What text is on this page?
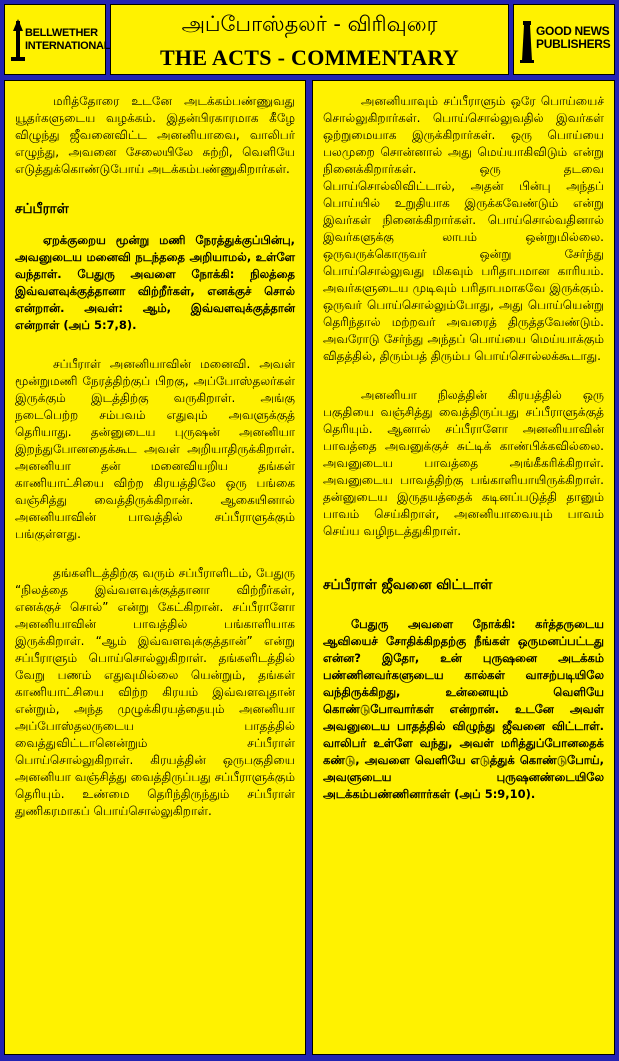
BELLWETHER
INTERNATIONAL
அப்போஸ்தலர் - விரிவுரை
THE ACTS - COMMENTARY
GOOD NEWS
PUBLISHERS

மரித்தோரை உடனே அடக்கம்பண்ணுவது யூதர்களுடைய வழக்கம். இதன்பிரகாரமாக கீழே விழுந்து ஜீவனைவிட்ட அனனியாவை, வாலிபர் எழுந்து, அவனை சேலையிலே சுற்றி, வெளியே எடுத்துக்கொண்டுபோய் அடக்கம்பண்ணுகிறார்கள்.

சப்பீராள்

ஏறக்குறைய மூன்று மணி நேரத்துக்குப்பின்பு, அவனுடைய மனைவி நடந்ததை அறியாமல், உள்ளே வந்தாள். பேதுரு அவளை நோக்கி: நிலத்தை இவ்வளவுக்குத்தானா விற்றீர்கள், எனக்குச் சொல் என்றான். அவள்: ஆம், இவ்வளவுக்குத்தான் என்றாள் (அப் 5:7,8).

சப்பீராள் அனனியாவின் மனைவி. அவள் மூன்றுமணி நேரத்திற்குப் பிறகு, அப்போஸ்தலர்கள் இருக்கும் இடத்திற்கு வருகிறாள். அங்கு நடைபெற்ற சம்பவம் எதுவும் அவளுக்குத் தெரியாது. தன்னுடைய புருஷன் அனனியா இறந்துபோனதைக்கூட அவள் அறியாதிருக்கிறாள். அனனியா தன் மனைவியறிய தங்கள் காணியாட்சியை விற்ற கிரயத்திலே ஒரு பங்கை வஞ்சித்து வைத்திருக்கிறான். ஆகையினால் அனனியாவின் பாவத்தில் சப்பீராளுக்கும் பங்குள்ளது.

தங்களிடத்திற்கு வரும் சப்பீராளிடம், பேதுரு “நிலத்தை இவ்வளவுக்குத்தானா விற்றீர்கள், எனக்குச் சொல்” என்று கேட்கிறான். சப்பீராளோ அனனியாவின் பாவத்தில் பங்காளியாக இருக்கிறாள். “ஆம் இவ்வளவுக்குத்தான்” என்று சப்பீராளும் பொய்சொல்லுகிறாள். தங்களிடத்தில் வேறு பணம் எதுவுமில்லை யென்றும், தங்கள் காணியாட்சியை விற்ற கிரயம் இவ்வளவுதான் என்றும், அந்த முழுக்கிரயத்தையும் அனனியா அப்போஸ்தலருடைய பாதத்தில் வைத்துவிட்டானென்றும் சப்பீராள் பொய்சொல்லுகிறாள். கிரயத்தின் ஒருபகுதியை அனனியா வஞ்சித்து வைத்திருப்பது சப்பீராளுக்கும் தெரியும். உண்மை தெரிந்திருந்தும் சப்பீராள் துணிகரமாகப் பொய்சொல்லுகிறாள்.

அனனியாவும் சப்பீராளும் ஒரே பொய்யைச் சொல்லுகிறார்கள். பொய்சொல்லுவதில் இவர்கள் ஒற்றுமையாக இருக்கிறார்கள். ஒரு பொய்யை பலமுறை சொன்னால் அது மெய்யாகிவிடும் என்று நினைக்கிறார்கள். ஒரு தடவை பொய்சொல்லிவிட்டால், அதன் பின்பு அந்தப் பொய்யில் உறுதியாக இருக்கவேண்டும் என்று இவர்கள் நினைக்கிறார்கள். பொய்சொல்வதினால் இவர்களுக்கு லாபம் ஒன்றுமில்லை. ஒருவருக்கொருவர் ஒன்று சேர்ந்து பொய்சொல்லுவது மிகவும் பரிதாபமான காரியம். அவர்களுடைய முடிவும் பரிதாபமாகவே இருக்கும். ஒருவர் பொய்சொல்லும்போது, அது பொய்யென்று தெரிந்தால் மற்றவர் அவரைத் திருத்தவேண்டும். அவரோடு சேர்ந்து அந்தப் பொய்யை மெய்யாக்கும் விதத்தில், திரும்பத் திரும்ப பொய்சொல்லக்கூடாது.

அனனியா நிலத்தின் கிரயத்தில் ஒரு பகுதியை வஞ்சித்து வைத்திருப்பது சப்பீராளுக்குத் தெரியும். ஆனால் சப்பீராளோ அனனியாவின் பாவத்தை அவனுக்குச் சுட்டிக் காண்பிக்கவில்லை. அவனுடைய பாவத்தை அங்கீகரிக்கிறாள். அவனுடைய பாவத்திற்கு பங்காளியாயிருக்கிறாள். தன்னுடைய இருதயத்தைக் கடினப்படுத்தி தானும் பாவம் செய்கிறாள், அனனியாவையும் பாவம் செய்ய வழிநடத்துகிறாள்.

சப்பீராள் ஜீவனை விட்டாள்

பேதுரு அவளை நோக்கி: கர்த்தருடைய ஆவியைச் சோதிக்கிறதற்கு நீங்கள் ஒருமனப்பட்டது என்ன? இதோ, உன் புருஷனை அடக்கம் பண்ணினவர்களுடைய கால்கள் வாசற்படியிலே வந்திருக்கிறது, உன்னையும் வெளியே கொண்டுபோவார்கள் என்றான். உடனே அவள் அவனுடைய பாதத்தில் விழுந்து ஜீவனை விட்டாள். வாலிபர் உள்ளே வந்து, அவள் மரித்துப்போனதைக் கண்டு, அவளை வெளியே எடுத்துக் கொண்டுபோய், அவளுடைய புருஷனண்டையிலே அடக்கம்பண்ணினார்கள் (அப் 5:9,10).
